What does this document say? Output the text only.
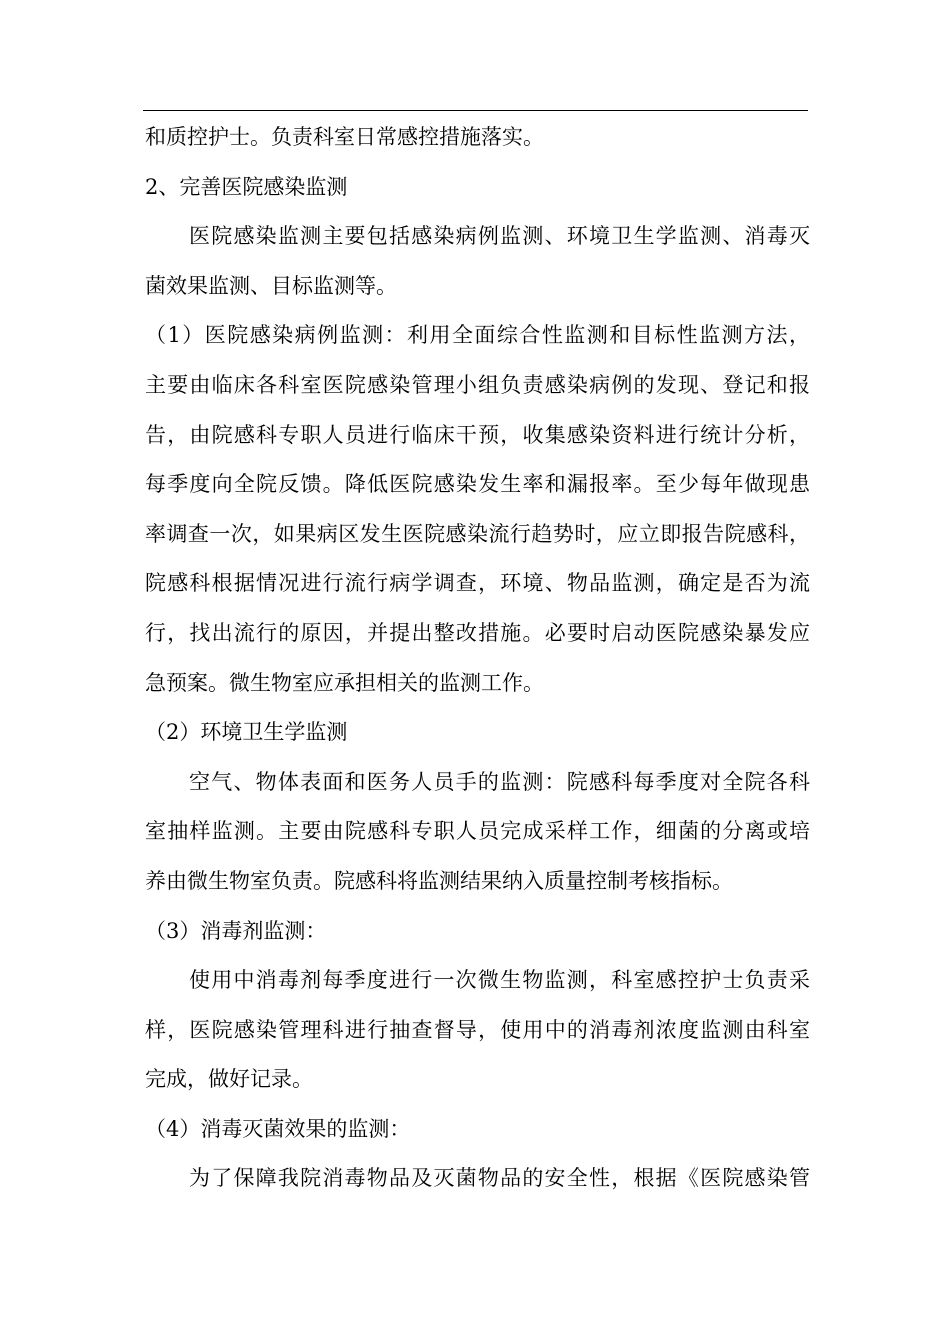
和质控护士。负责科室日常感控措施落实。
2、完善医院感染监测
医院感染监测主要包括感染病例监测、环境卫生学监测、消毒灭
菌效果监测、目标监测等。
（1）医院感染病例监测：利用全面综合性监测和目标性监测方法，
主要由临床各科室医院感染管理小组负责感染病例的发现、登记和报
告，由院感科专职人员进行临床干预，收集感染资料进行统计分析，
每季度向全院反馈。降低医院感染发生率和漏报率。至少每年做现患
率调查一次，如果病区发生医院感染流行趋势时，应立即报告院感科，
院感科根据情况进行流行病学调查，环境、物品监测，确定是否为流
行，找出流行的原因，并提出整改措施。必要时启动医院感染暴发应
急预案。微生物室应承担相关的监测工作。
（2）环境卫生学监测
空气、物体表面和医务人员手的监测：院感科每季度对全院各科
室抽样监测。主要由院感科专职人员完成采样工作，细菌的分离或培
养由微生物室负责。院感科将监测结果纳入质量控制考核指标。
（3）消毒剂监测：
使用中消毒剂每季度进行一次微生物监测，科室感控护士负责采
样，医院感染管理科进行抽查督导，使用中的消毒剂浓度监测由科室
完成，做好记录。
（4）消毒灭菌效果的监测：
为了保障我院消毒物品及灭菌物品的安全性，根据《医院感染管
